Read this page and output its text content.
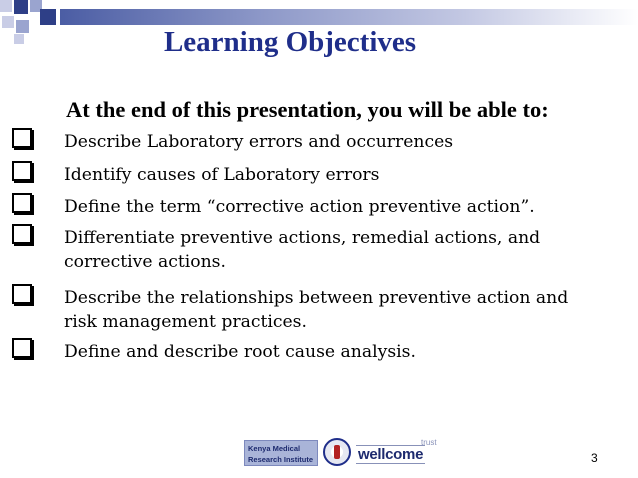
Learning Objectives
At the end of this presentation, you will be able to:
Describe Laboratory errors and occurrences
Identify causes of Laboratory errors
Define the term “corrective action preventive action”.
Differentiate preventive actions, remedial actions, and corrective actions.
Describe the relationships between preventive action and risk management practices.
Define and describe root cause analysis.
Kenya Medical
Research Institute	wellcome
trust
3
